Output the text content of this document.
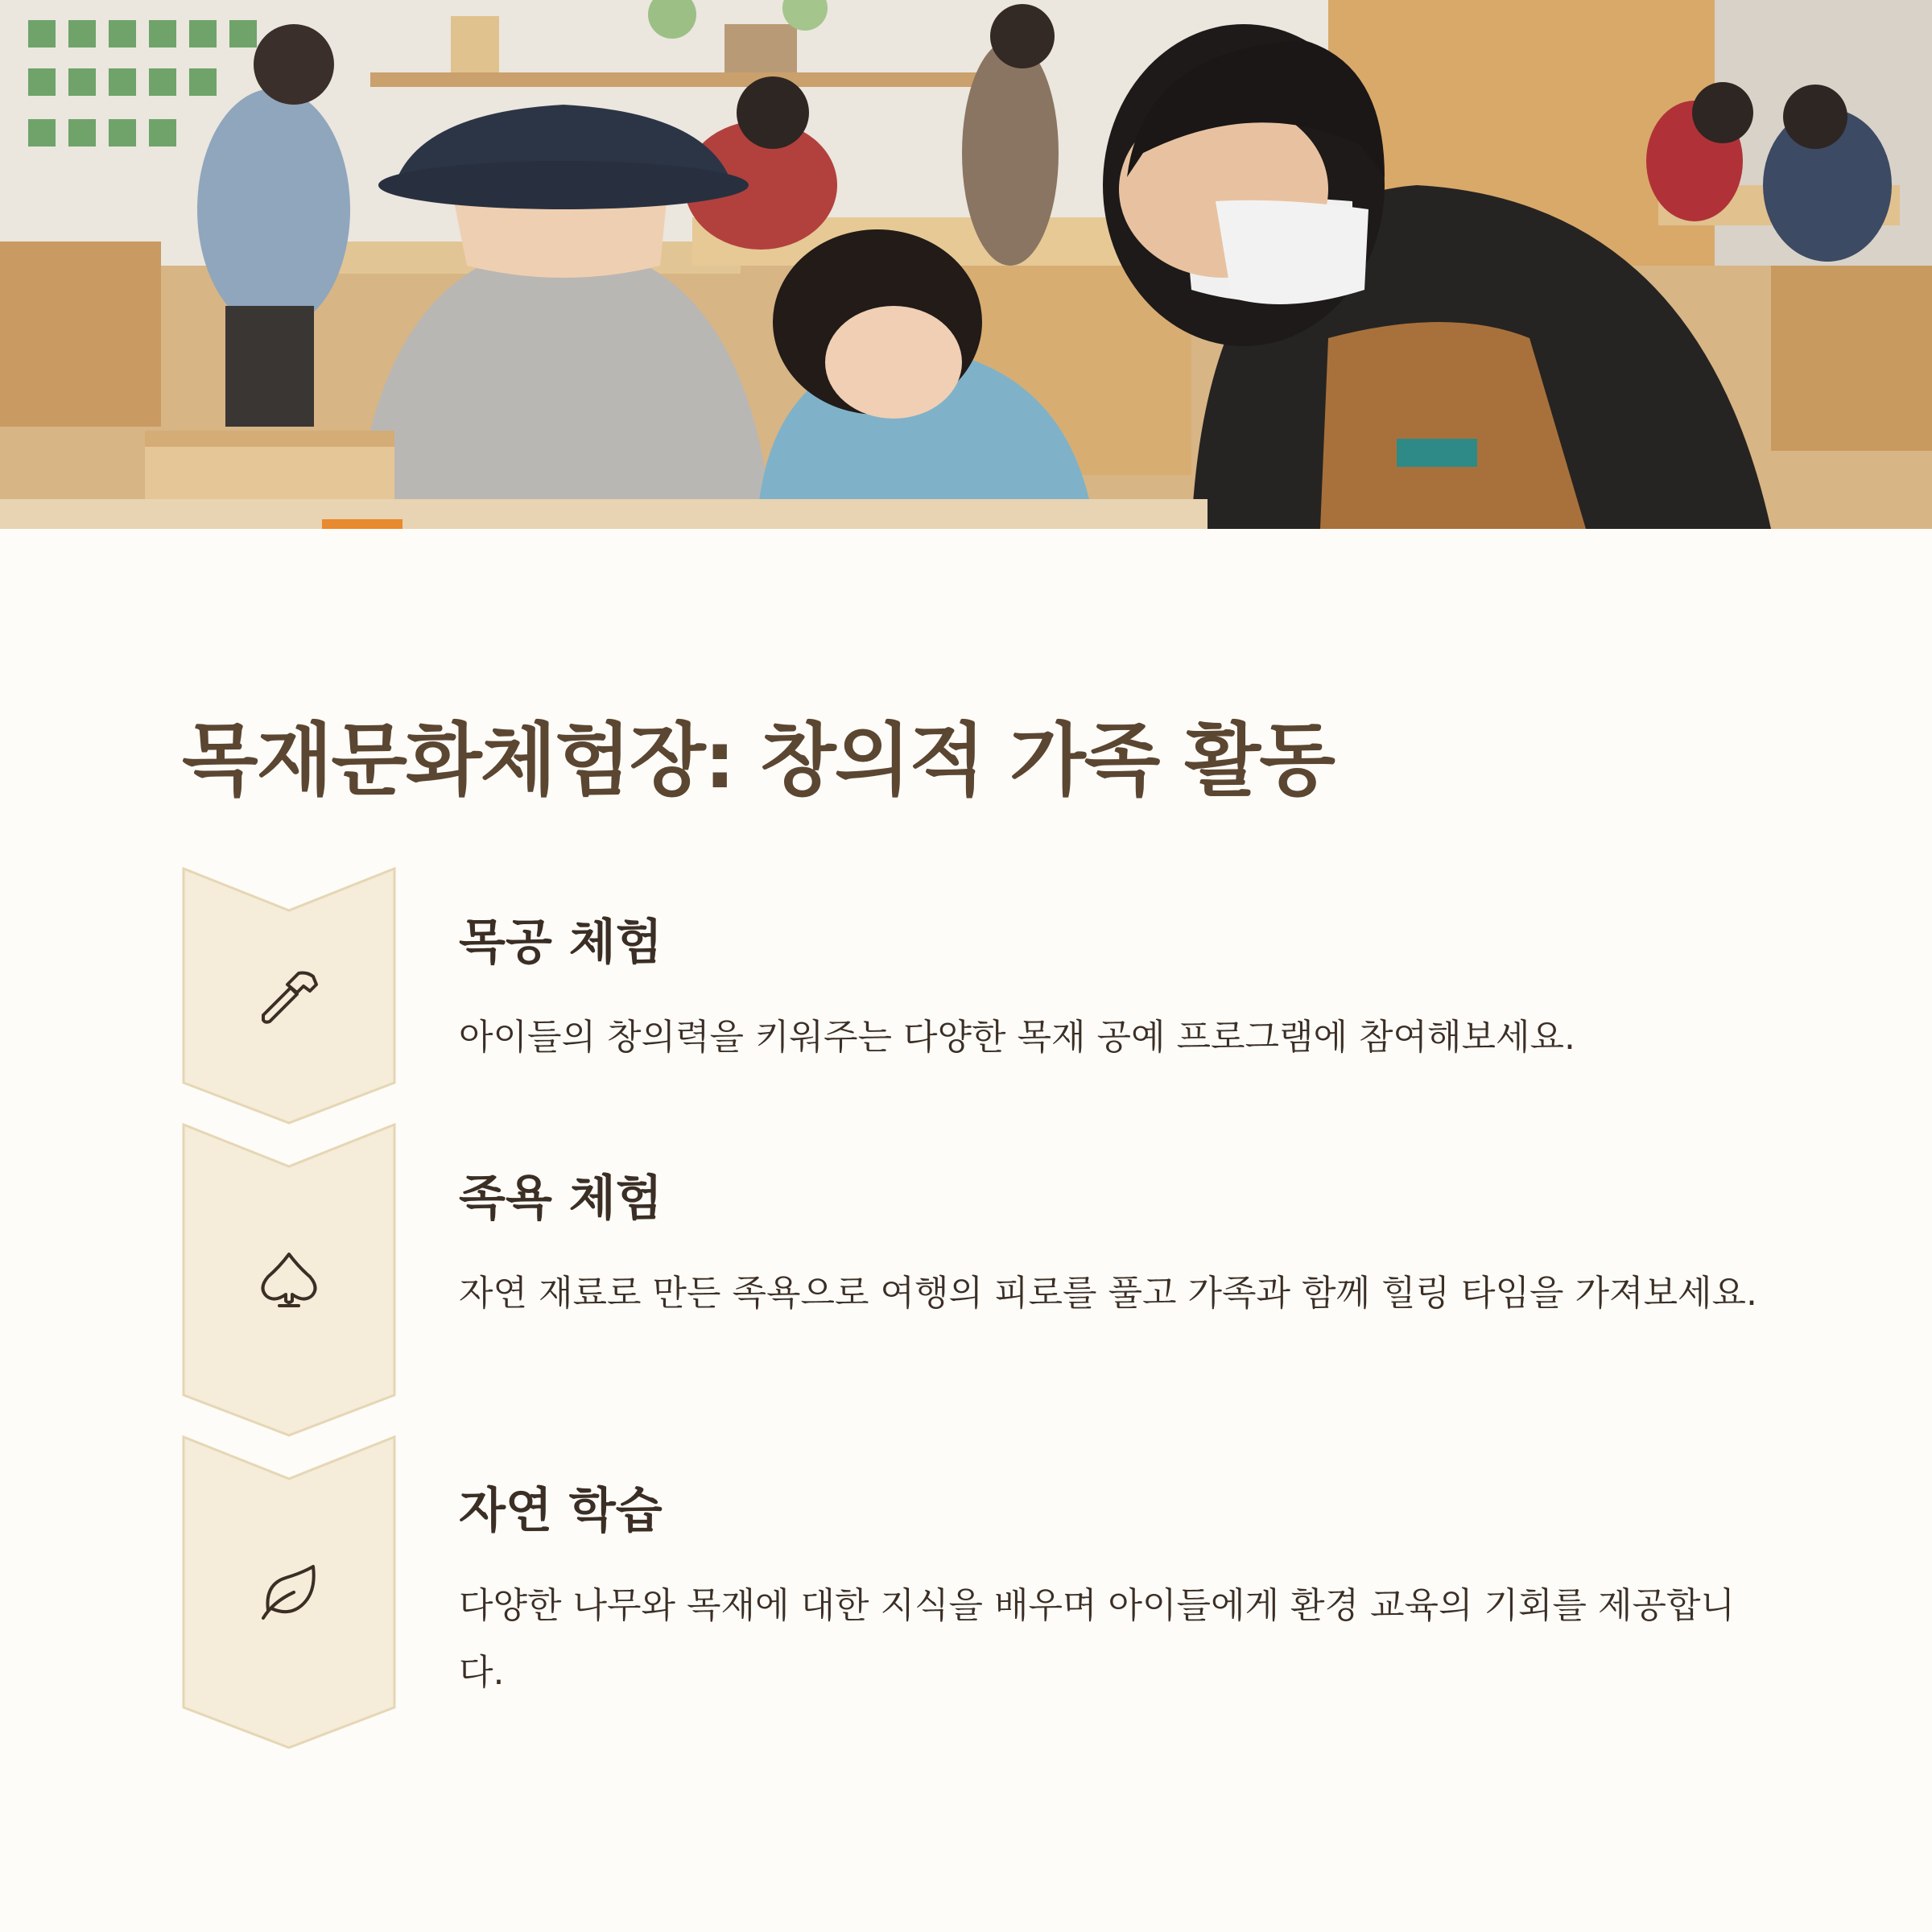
목재문화체험장: 창의적 가족 활동
목공 체험

아이들의 창의력을 키워주는 다양한 목재 공예 프로그램에 참여해보세요.

족욕 체험

자연 재료로 만든 족욕으로 여행의 피로를 풀고 가족과 함께 힐링 타임을 가져보세요.

자연 학습

다양한 나무와 목재에 대한 지식을 배우며 아이들에게 환경 교육의 기회를 제공합니다.
